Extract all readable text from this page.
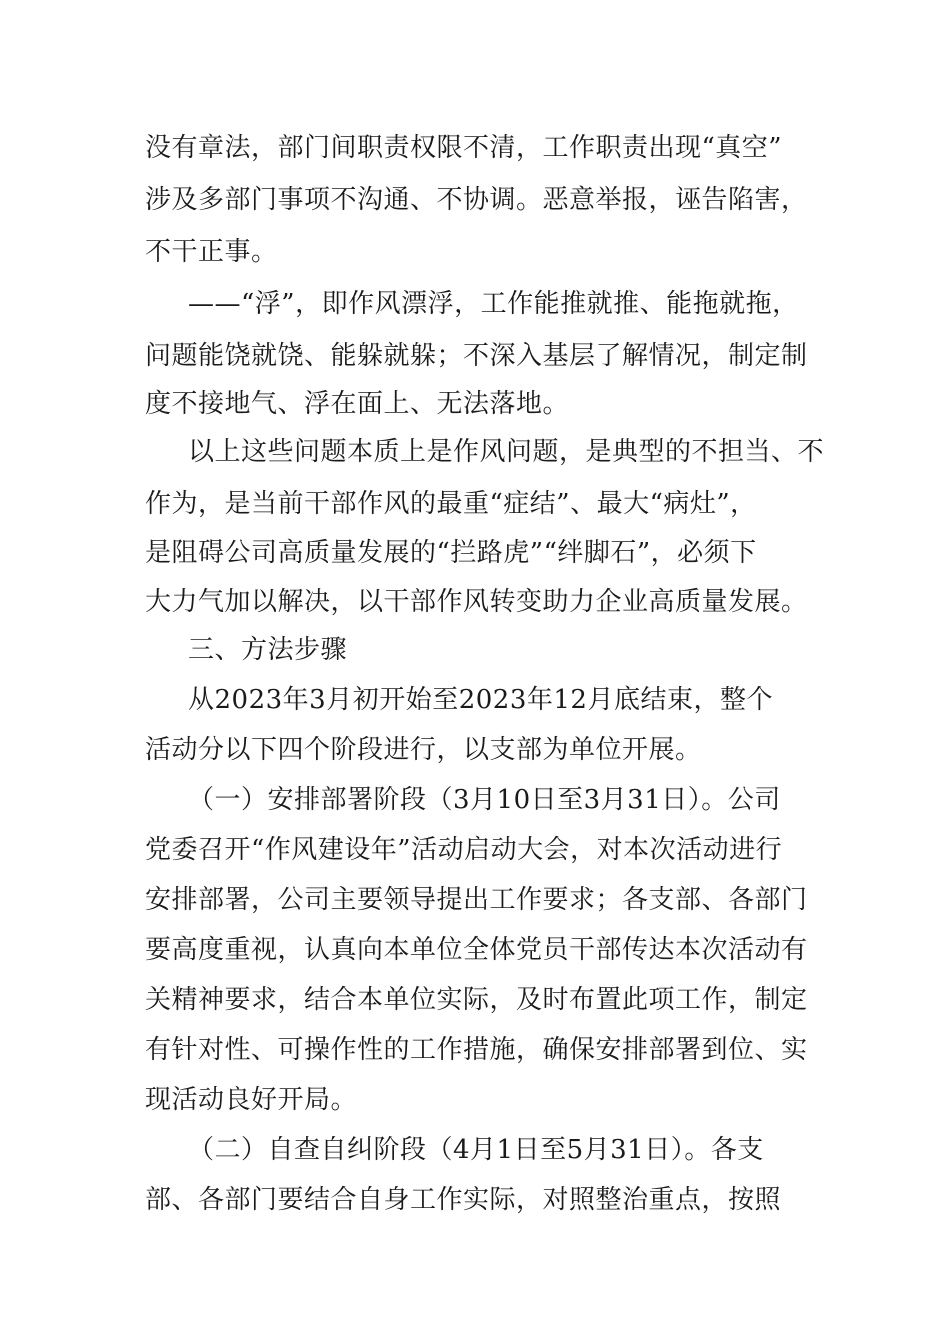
没有章法，部门间职责权限不清，工作职责出现“真空”
涉及多部门事项不沟通、不协调。恶意举报，诬告陷害，
不干正事。
——“浮”，即作风漂浮，工作能推就推、能拖就拖，
问题能饶就饶、能躲就躲；不深入基层了解情况，制定制
度不接地气、浮在面上、无法落地。
以上这些问题本质上是作风问题，是典型的不担当、不
作为，是当前干部作风的最重“症结”、最大“病灶”，
是阻碍公司高质量发展的“拦路虎”“绊脚石”，必须下
大力气加以解决，以干部作风转变助力企业高质量发展。
三、方法步骤
从2023年3月初开始至2023年12月底结束，整个
活动分以下四个阶段进行，以支部为单位开展。
（一）安排部署阶段（3月10日至3月31日）。公司
党委召开“作风建设年”活动启动大会，对本次活动进行
安排部署，公司主要领导提出工作要求；各支部、各部门
要高度重视，认真向本单位全体党员干部传达本次活动有
关精神要求，结合本单位实际，及时布置此项工作，制定
有针对性、可操作性的工作措施，确保安排部署到位、实
现活动良好开局。
（二）自查自纠阶段（4月1日至5月31日）。各支
部、各部门要结合自身工作实际，对照整治重点，按照
